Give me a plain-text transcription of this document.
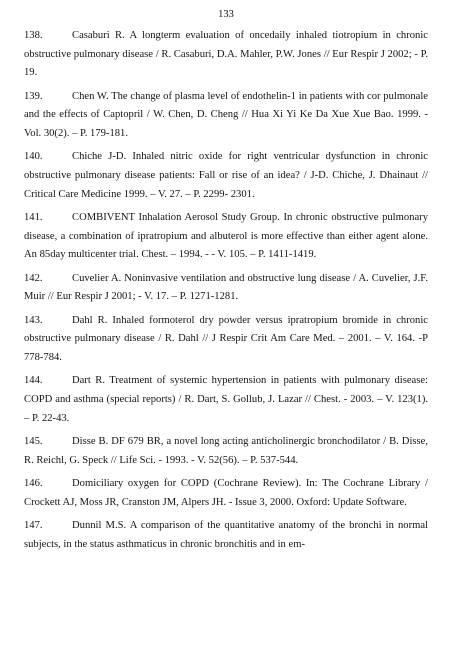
133
138.	Casaburi R. A longterm evaluation of oncedaily inhaled tiotropium in chronic obstructive pulmonary disease / R. Casaburi, D.A. Mahler, P.W. Jones // Eur Respir J 2002; - P. 19.
139.	Chen W. The change of plasma level of endothelin-1 in patients with cor pulmonale and the effects of Captopril / W. Chen, D. Cheng // Hua Xi Yi Ke Da Xue Xue Bao. 1999. - Vol. 30(2). – P. 179-181.
140.	Chiche J-D. Inhaled nitric oxide for right ventricular dysfunction in chronic obstructive pulmonary disease patients: Fall or rise of an idea? / J-D. Chiche, J. Dhainaut // Critical Care Medicine 1999. – V. 27. – P. 2299- 2301.
141.	COMBIVENT Inhalation Aerosol Study Group. In chronic obstructive pulmonary disease, a combination of ipratropium and albuterol is more effective than either agent alone. An 85day multicenter trial. Chest. – 1994. - - V. 105. – P. 1411-1419.
142.	Cuvelier A. Noninvasive ventilation and obstructive lung disease / A. Cuvelier, J.F. Muir // Eur Respir J 2001; - V. 17. – P. 1271-1281.
143.	Dahl R. Inhaled formoterol dry powder versus ipratropium bromide in chronic obstructive pulmonary disease / R. Dahl // J Respir Crit Am Care Med. – 2001. – V. 164. -P 778-784.
144.	Dart R. Treatment of systemic hypertension in patients with pulmonary disease: COPD and asthma (special reports) / R. Dart, S. Gollub, J. Lazar // Chest. - 2003. – V. 123(1). – P. 22-43.
145.	Disse B. DF 679 BR, a novel long acting anticholinergic bronchodilator / B. Disse, R. Reichl, G. Speck // Life Sci. - 1993. - V. 52(56). – P. 537-544.
146.	Domiciliary oxygen for COPD (Cochrane Review). In: The Cochrane Library / Crockett AJ, Moss JR, Cranston JM, Alpers JH. - Issue 3, 2000. Oxford: Update Software.
147.	Dunnil M.S. A comparison of the quantitative anatomy of the bronchi in normal subjects, in the status asthmaticus in chronic bronchitis and in em-
